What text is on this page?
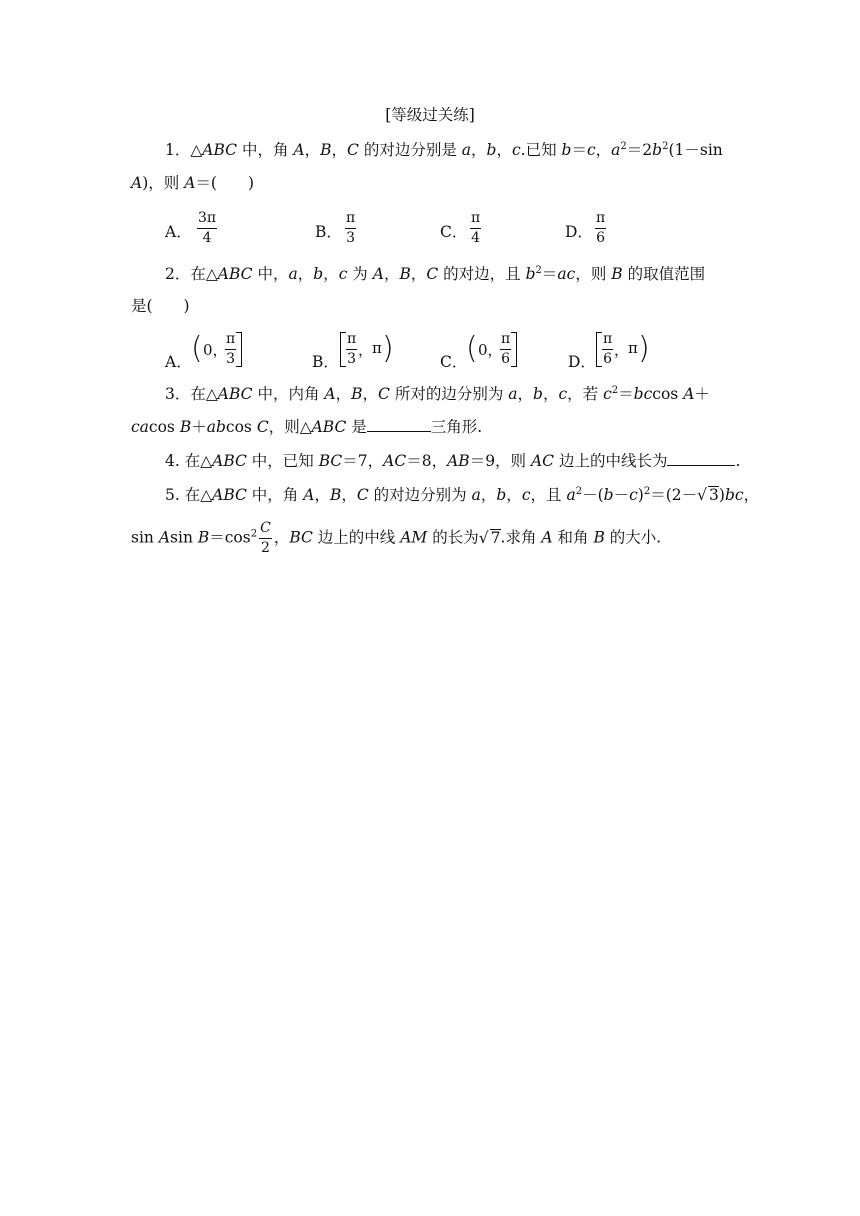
[等级过关练]
1．△ABC 中，角 A，B，C 的对边分别是 a，b，c.已知 b＝c，$a^2=2b^2(1-\sin$
A)，则 A＝(　　)
A． $\frac{3\pi}{4}$	B． $\frac{\pi}{3}$	C． $\frac{\pi}{4}$	D． $\frac{\pi}{6}$
2．在△ABC 中，a，b，c 为 A，B，C 的对边，且 $b^2=ac$，则 B 的取值范围
是(　　)
A． ( 0，
$\frac{\pi}{3}$	B． $\frac{\pi}{3}$ ，
π )	C．
( 0，
$\frac{\pi}{6}$	D． $\frac{\pi}{6}$ ，
π )
3．在△ABC 中，内角 A，B，C 所对的边分别为 a，b，c，若 $c^2=bccos$ A＋
cacos B＋abcos C，则△ABC 是	三角形.
4. 在△ABC 中，已知 BC＝7，AC＝8，AB＝9，则 AC 边上的中线长为	.
5. 在△ABC 中，角 A，B，C 的对边分别为 a，b，c，且 $a^2-(b-c)^2=(2-√$ 3)bc，
sin Asin $B=\cos^2 \frac{C}{2}$ ，BC 边上的中线 AM 的长为√ 7.求角 A 和角 B 的大小.
